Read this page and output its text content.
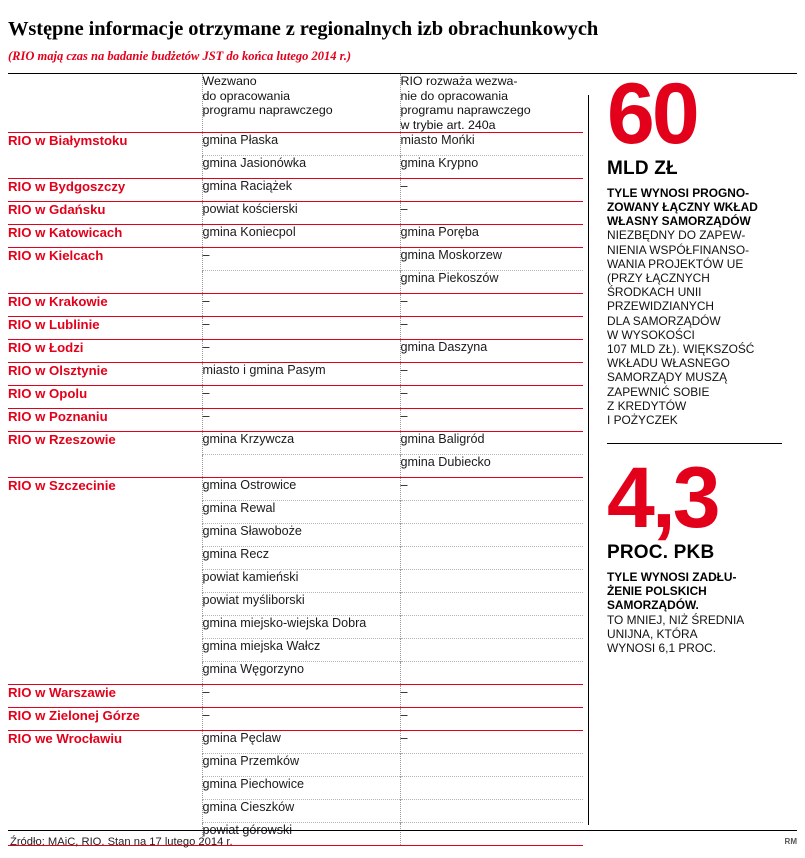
Wstępne informacje otrzymane z regionalnych izb obrachunkowych
(RIO mają czas na badanie budżetów JST do końca lutego 2014 r.)
	Wezwano
do opracowania
programu naprawczego	RIO rozważa wezwa-
nie do opracowania
programu naprawczego
w trybie art. 240a
RIO w Białymstoku	gmina Płaska	miasto Mońki
	gmina Jasionówka	gmina Krypno
RIO w Bydgoszczy	gmina Raciążek	–
RIO w Gdańsku	powiat kościerski	–
RIO w Katowicach	gmina Koniecpol	gmina Poręba
RIO w Kielcach	–	gmina Moskorzew
		gmina Piekoszów
RIO w Krakowie	–	–
RIO w Lublinie	–	–
RIO w Łodzi	–	gmina Daszyna
RIO w Olsztynie	miasto i gmina Pasym	–
RIO w Opolu	–	–
RIO w Poznaniu	–	–
RIO w Rzeszowie	gmina Krzywcza	gmina Baligród
		gmina Dubiecko
RIO w Szczecinie	gmina Ostrowice	–
	gmina Rewal	
	gmina Sławoboże	
	gmina Recz	
	powiat kamieński	
	powiat myśliborski	
	gmina miejsko-wiejska Dobra	
	gmina miejska Wałcz	
	gmina Węgorzyno	
RIO w Warszawie	–	–
RIO w Zielonej Górze	–	–
RIO we Wrocławiu	gmina Pęclaw	–
	gmina Przemków	
	gmina Piechowice	
	gmina Cieszków	
	powiat górowski	

60
MLD ZŁ
TYLE WYNOSI PROGNO-
ZOWANY ŁĄCZNY WKŁAD
WŁASNY SAMORZĄDÓW
NIEZBĘDNY DO ZAPEW-
NIENIA WSPÓŁFINANSO-
WANIA PROJEKTÓW UE
(PRZY ŁĄCZNYCH
ŚRODKACH UNII
PRZEWIDZIANYCH
DLA SAMORZĄDÓW
W WYSOKOŚCI
107 MLD ZŁ). WIĘKSZOŚĆ
WKŁADU WŁASNEGO
SAMORZĄDY MUSZĄ
ZAPEWNIĆ SOBIE
Z KREDYTÓW
I POŻYCZEK
4,3
PROC. PKB
TYLE WYNOSI ZADŁU-
ŻENIE POLSKICH
SAMORZĄDÓW.
TO MNIEJ, NIŻ ŚREDNIA
UNIJNA, KTÓRA
WYNOSI 6,1 PROC.
Źródło: MAiC, RIO. Stan na 17 lutego 2014 r.	RM
